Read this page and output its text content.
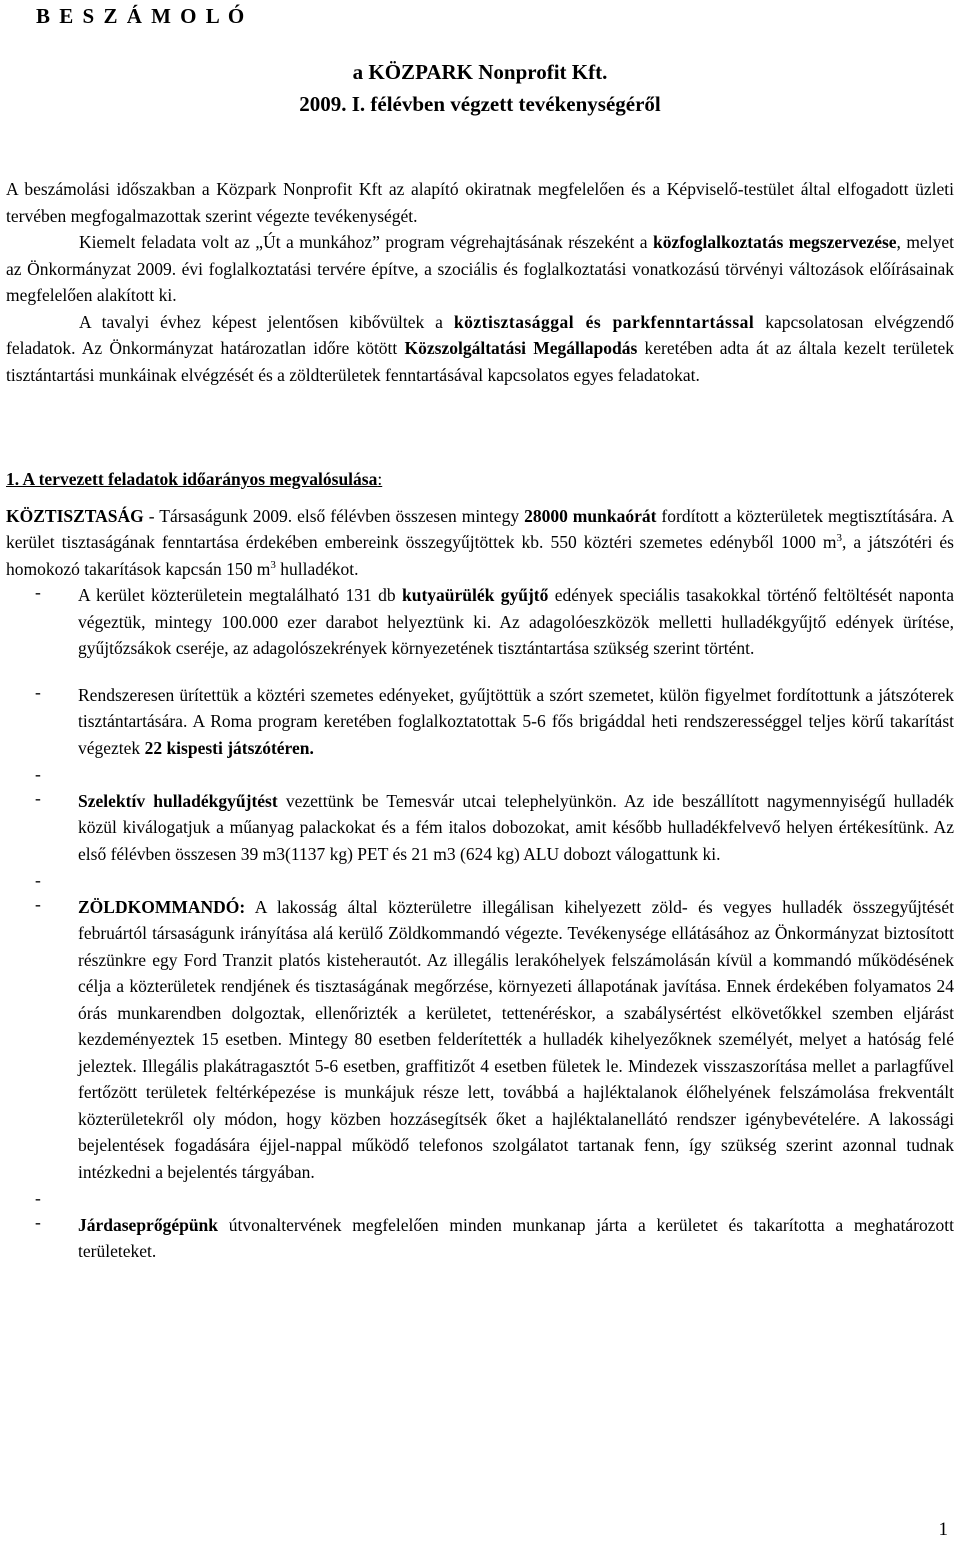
B E S Z Á M O L Ó
a KÖZPARK Nonprofit Kft.
2009. I. félévben végzett tevékenységéről

A beszámolási időszakban a Közpark Nonprofit Kft az alapító okiratnak megfelelően és a Képviselő-testület által elfogadott üzleti tervében megfogalmazottak szerint végezte tevékenységét.

Kiemelt feladata volt az „Út a munkához” program végrehajtásának részeként a közfoglalkoztatás megszervezése, melyet az Önkormányzat 2009. évi foglalkoztatási tervére építve, a szociális és foglalkoztatási vonatkozású törvényi változások előírásainak megfelelően alakított ki.

A tavalyi évhez képest jelentősen kibővültek a köztisztasággal és parkfenntartással kapcsolatosan elvégzendő feladatok. Az Önkormányzat határozatlan időre kötött Közszolgáltatási Megállapodás keretében adta át az általa kezelt területek tisztántartási munkáinak elvégzését és a zöldterületek fenntartásával kapcsolatos egyes feladatokat.

1. A tervezett feladatok időarányos megvalósulása:

KÖZTISZTASÁG - Társaságunk 2009. első félévben összesen mintegy 28000 munkaórát fordított a közterületek megtisztítására. A kerület tisztaságának fenntartása érdekében embereink összegyűjtöttek kb. 550 köztéri szemetes edényből 1000 $m^3$, a játszótéri és homokozó takarítások kapcsán 150 $m^3$ hulladékot.

-	A kerület közterületein megtalálható 131 db kutyaürülék gyűjtő edények speciális tasakokkal történő feltöltését naponta végeztük, mintegy 100.000 ezer darabot helyeztünk ki. Az adagolóeszközök melletti hulladékgyűjtő edények ürítése, gyűjtőzsákok cseréje, az adagolószekrények környezetének tisztántartása szükség szerint történt.

-	Rendszeresen ürítettük a köztéri szemetes edényeket, gyűjtöttük a szórt szemetet, külön figyelmet fordítottunk a játszóterek tisztántartására. A Roma program keretében foglalkoztatottak 5-6 fős brigáddal heti rendszerességgel teljes körű takarítást végeztek 22 kispesti játszótéren.

-
-	Szelektív hulladékgyűjtést vezettünk be Temesvár utcai telephelyünkön. Az ide beszállított nagymennyiségű hulladék közül kiválogatjuk a műanyag palackokat és a fém italos dobozokat, amit később hulladékfelvevő helyen értékesítünk. Az első félévben összesen 39 m3(1137 kg) PET és 21 m3 (624 kg) ALU dobozt válogattunk ki.

-
-	ZÖLDKOMMANDÓ: A lakosság által közterületre illegálisan kihelyezett zöld- és vegyes hulladék összegyűjtését februártól társaságunk irányítása alá kerülő Zöldkommandó végezte. Tevékenysége ellátásához az Önkormányzat biztosított részünkre egy Ford Tranzit platós kisteherautót. Az illegális lerakóhelyek felszámolásán kívül a kommandó működésének célja a közterületek rendjének és tisztaságának megőrzése, környezeti állapotának javítása. Ennek érdekében folyamatos 24 órás munkarendben dolgoztak, ellenőrizték a kerületet, tettenéréskor, a szabálysértést elkövetőkkel szemben eljárást kezdeményeztek 15 esetben. Mintegy 80 esetben felderítették a hulladék kihelyezőknek személyét, melyet a hatóság felé jeleztek. Illegális plakátragasztót 5-6 esetben, graffitizőt 4 esetben fületek le. Mindezek visszaszorítása mellet a parlagfűvel fertőzött területek feltérképezése is munkájuk része lett, továbbá a hajléktalanok élőhelyének felszámolása frekventált közterületekről oly módon, hogy közben hozzásegítsék őket a hajléktalanellátó rendszer igénybevételére. A lakossági bejelentések fogadására éjjel-nappal működő telefonos szolgálatot tartanak fenn, így szükség szerint azonnal tudnak intézkedni a bejelentés tárgyában.

-
-	Járdaseprőgépünk útvonaltervének megfelelően minden munkanap járta a kerületet és takarította a meghatározott területeket.

1
